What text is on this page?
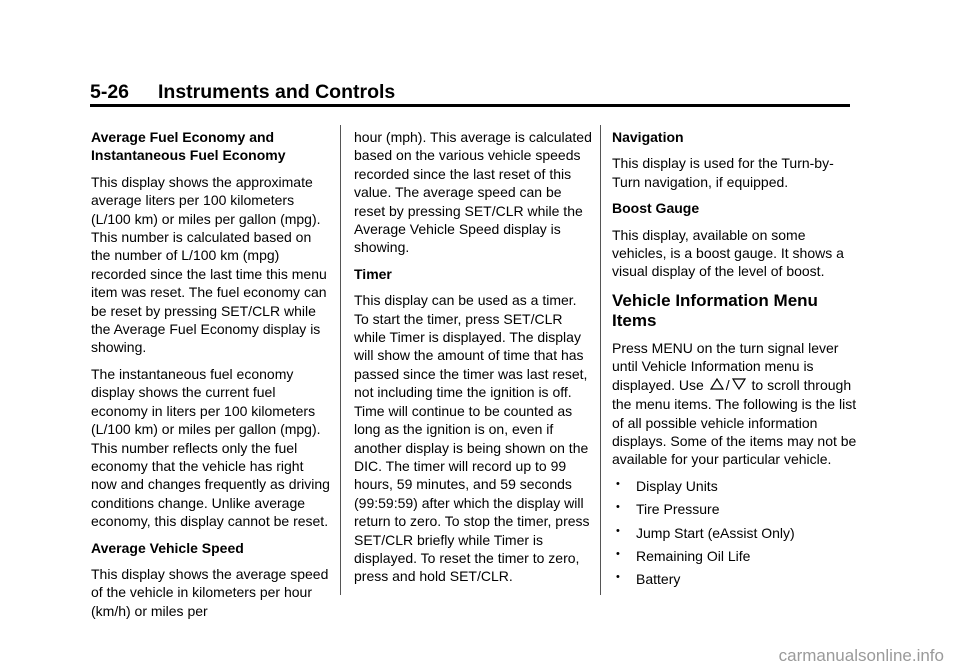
5-26 Instruments and Controls
Average Fuel Economy and Instantaneous Fuel Economy
This display shows the approximate average liters per 100 kilometers (L/100 km) or miles per gallon (mpg). This number is calculated based on the number of L/100 km (mpg) recorded since the last time this menu item was reset. The fuel economy can be reset by pressing SET/CLR while the Average Fuel Economy display is showing.
The instantaneous fuel economy display shows the current fuel economy in liters per 100 kilometers (L/100 km) or miles per gallon (mpg). This number reflects only the fuel economy that the vehicle has right now and changes frequently as driving conditions change. Unlike average economy, this display cannot be reset.
Average Vehicle Speed
This display shows the average speed of the vehicle in kilometers per hour (km/h) or miles per
hour (mph). This average is calculated based on the various vehicle speeds recorded since the last reset of this value. The average speed can be reset by pressing SET/CLR while the Average Vehicle Speed display is showing.
Timer
This display can be used as a timer. To start the timer, press SET/CLR while Timer is displayed. The display will show the amount of time that has passed since the timer was last reset, not including time the ignition is off. Time will continue to be counted as long as the ignition is on, even if another display is being shown on the DIC. The timer will record up to 99 hours, 59 minutes, and 59 seconds (99:59:59) after which the display will return to zero. To stop the timer, press SET/CLR briefly while Timer is displayed. To reset the timer to zero, press and hold SET/CLR.
Navigation
This display is used for the Turn-by-Turn navigation, if equipped.
Boost Gauge
This display, available on some vehicles, is a boost gauge. It shows a visual display of the level of boost.
Vehicle Information Menu Items
Press MENU on the turn signal lever until Vehicle Information menu is displayed. Use / to scroll through the menu items. The following is the list of all possible vehicle information displays. Some of the items may not be available for your particular vehicle.
• Display Units
• Tire Pressure
• Jump Start (eAssist Only)
• Remaining Oil Life
• Battery
carmanualsonline.info
